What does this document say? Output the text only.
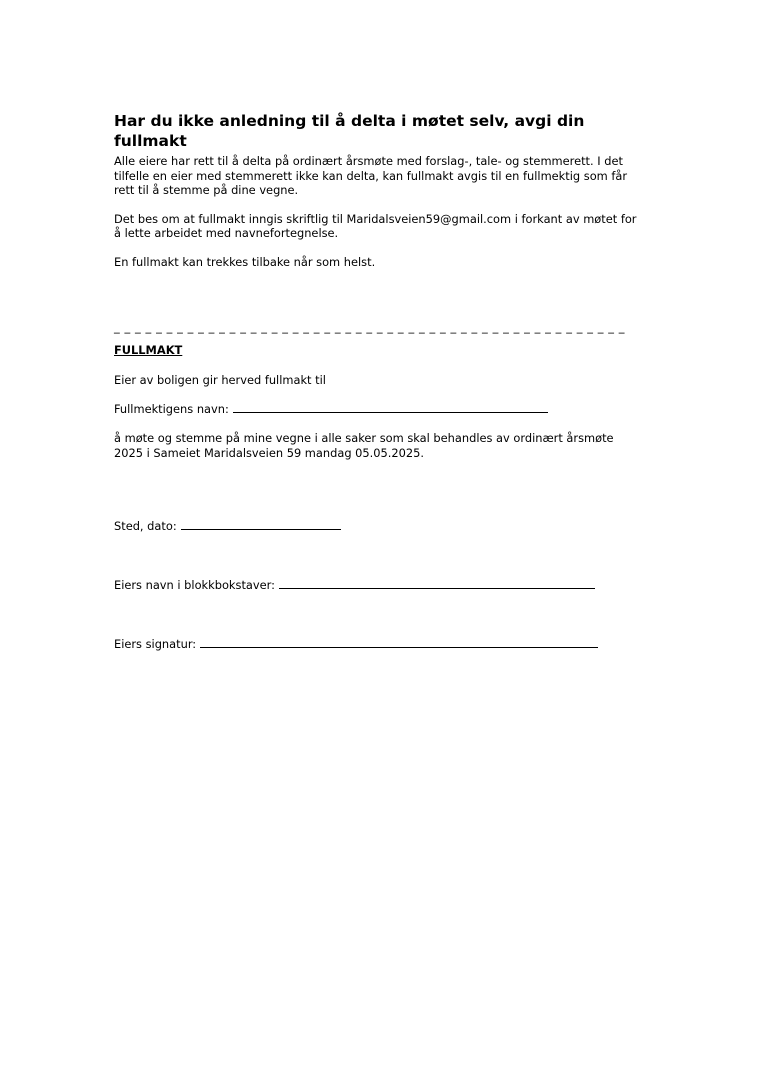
Har du ikke anledning til å delta i møtet selv, avgi din fullmakt

Alle eiere har rett til å delta på ordinært årsmøte med forslag-, tale- og stemmerett. I det tilfelle en eier med stemmerett ikke kan delta, kan fullmakt avgis til en fullmektig som får rett til å stemme på dine vegne.

Det bes om at fullmakt inngis skriftlig til Maridalsveien59@gmail.com i forkant av møtet for å lette arbeidet med navnefortegnelse.

En fullmakt kan trekkes tilbake når som helst.

_ _ _ _ _ _ _ _ _ _ _ _ _ _ _ _ _ _ _ _ _ _ _ _ _ _ _ _ _ _ _ _ _ _ _ _ _ _ _ _ _ _ _ _ _ _ _ _ _
FULLMAKT
Eier av boligen gir herved fullmakt til
Fullmektigens navn:

å møte og stemme på mine vegne i alle saker som skal behandles av ordinært årsmøte 2025 i Sameiet Maridalsveien 59 mandag 05.05.2025.

Sted, dato:
Eiers navn i blokkbokstaver:
Eiers signatur:
